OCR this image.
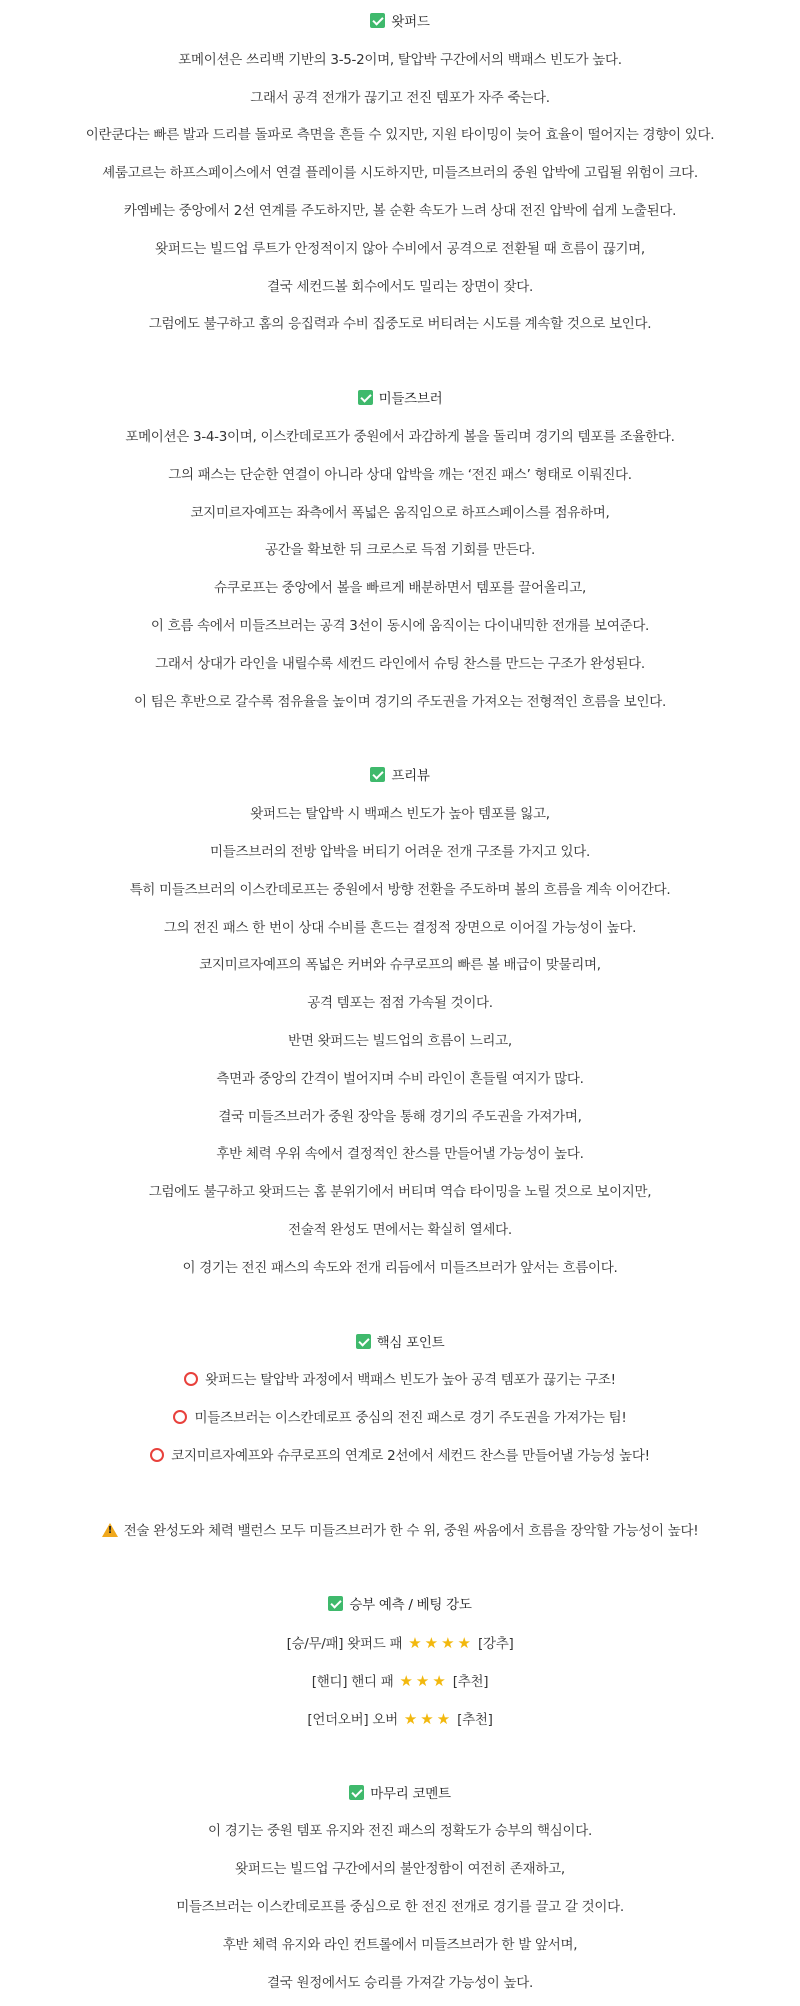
왓퍼드
포메이션은 쓰리백 기반의 3-5-2이며, 탈압박 구간에서의 백패스 빈도가 높다.
그래서 공격 전개가 끊기고 전진 템포가 자주 죽는다.
이란쿤다는 빠른 발과 드리블 돌파로 측면을 흔들 수 있지만, 지원 타이밍이 늦어 효율이 떨어지는 경향이 있다.
셰룸고르는 하프스페이스에서 연결 플레이를 시도하지만, 미들즈브러의 중원 압박에 고립될 위험이 크다.
카옘베는 중앙에서 2선 연계를 주도하지만, 볼 순환 속도가 느려 상대 전진 압박에 쉽게 노출된다.
왓퍼드는 빌드업 루트가 안정적이지 않아 수비에서 공격으로 전환될 때 흐름이 끊기며,
결국 세컨드볼 회수에서도 밀리는 장면이 잦다.
그럼에도 불구하고 홈의 응집력과 수비 집중도로 버티려는 시도를 계속할 것으로 보인다.
미들즈브러
포메이션은 3-4-3이며, 이스칸데로프가 중원에서 과감하게 볼을 돌리며 경기의 템포를 조율한다.
그의 패스는 단순한 연결이 아니라 상대 압박을 깨는 ‘전진 패스’ 형태로 이뤄진다.
코지미르자예프는 좌측에서 폭넓은 움직임으로 하프스페이스를 점유하며,
공간을 확보한 뒤 크로스로 득점 기회를 만든다.
슈쿠로프는 중앙에서 볼을 빠르게 배분하면서 템포를 끌어올리고,
이 흐름 속에서 미들즈브러는 공격 3선이 동시에 움직이는 다이내믹한 전개를 보여준다.
그래서 상대가 라인을 내릴수록 세컨드 라인에서 슈팅 찬스를 만드는 구조가 완성된다.
이 팀은 후반으로 갈수록 점유율을 높이며 경기의 주도권을 가져오는 전형적인 흐름을 보인다.
프리뷰
왓퍼드는 탈압박 시 백패스 빈도가 높아 템포를 잃고,
미들즈브러의 전방 압박을 버티기 어려운 전개 구조를 가지고 있다.
특히 미들즈브러의 이스칸데로프는 중원에서 방향 전환을 주도하며 볼의 흐름을 계속 이어간다.
그의 전진 패스 한 번이 상대 수비를 흔드는 결정적 장면으로 이어질 가능성이 높다.
코지미르자예프의 폭넓은 커버와 슈쿠로프의 빠른 볼 배급이 맞물리며,
공격 템포는 점점 가속될 것이다.
반면 왓퍼드는 빌드업의 흐름이 느리고,
측면과 중앙의 간격이 벌어지며 수비 라인이 흔들릴 여지가 많다.
결국 미들즈브러가 중원 장악을 통해 경기의 주도권을 가져가며,
후반 체력 우위 속에서 결정적인 찬스를 만들어낼 가능성이 높다.
그럼에도 불구하고 왓퍼드는 홈 분위기에서 버티며 역습 타이밍을 노릴 것으로 보이지만,
전술적 완성도 면에서는 확실히 열세다.
이 경기는 전진 패스의 속도와 전개 리듬에서 미들즈브러가 앞서는 흐름이다.
핵심 포인트
왓퍼드는 탈압박 과정에서 백패스 빈도가 높아 공격 템포가 끊기는 구조!
미들즈브러는 이스칸데로프 중심의 전진 패스로 경기 주도권을 가져가는 팀!
코지미르자예프와 슈쿠로프의 연계로 2선에서 세컨드 찬스를 만들어낼 가능성 높다!
!전술 완성도와 체력 밸런스 모두 미들즈브러가 한 수 위, 중원 싸움에서 흐름을 장악할 가능성이 높다!
승부 예측 / 베팅 강도
[승/무/패] 왓퍼드 패 ★★★★ [강추]
[핸디] 핸디 패 ★★★ [추천]
[언더오버] 오버 ★★★ [추천]
마무리 코멘트
이 경기는 중원 템포 유지와 전진 패스의 정확도가 승부의 핵심이다.
왓퍼드는 빌드업 구간에서의 불안정함이 여전히 존재하고,
미들즈브러는 이스칸데로프를 중심으로 한 전진 전개로 경기를 끌고 갈 것이다.
후반 체력 유지와 라인 컨트롤에서 미들즈브러가 한 발 앞서며,
결국 원정에서도 승리를 가져갈 가능성이 높다.
